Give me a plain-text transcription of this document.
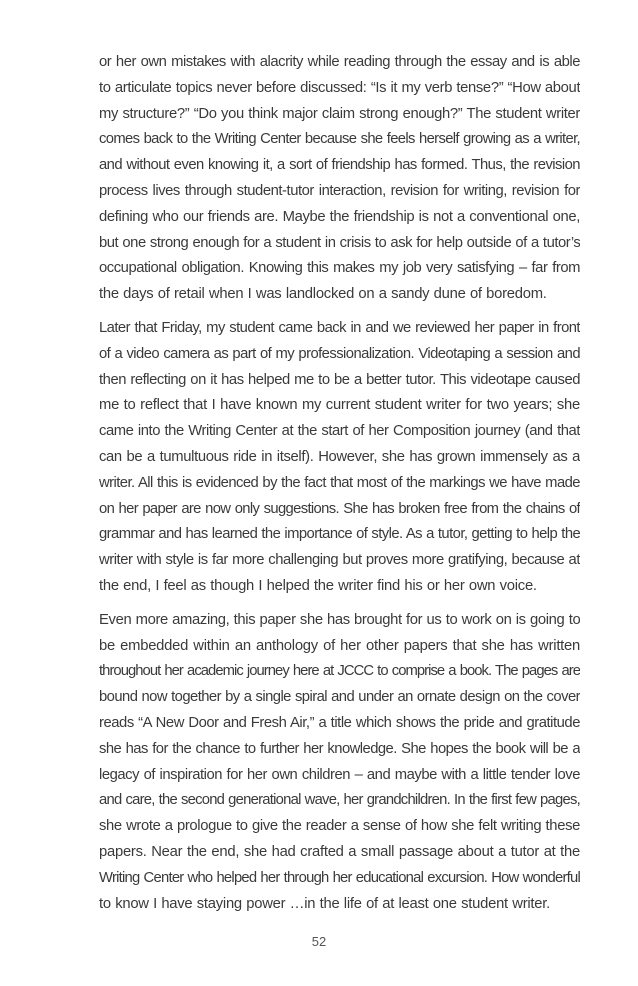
or her own mistakes with alacrity while reading through the essay and is able
to articulate topics never before discussed: “Is it my verb tense?” “How about
my structure?” “Do you think major claim strong enough?” The student writer
comes back to the Writing Center because she feels herself growing as a writer,
and without even knowing it, a sort of friendship has formed. Thus, the revision
process lives through student-tutor interaction, revision for writing, revision for
defining who our friends are. Maybe the friendship is not a conventional one,
but one strong enough for a student in crisis to ask for help outside of a tutor’s
occupational obligation. Knowing this makes my job very satisfying – far from
the days of retail when I was landlocked on a sandy dune of boredom.
Later that Friday, my student came back in and we reviewed her paper in front
of a video camera as part of my professionalization. Videotaping a session and
then reflecting on it has helped me to be a better tutor. This videotape caused
me to reflect that I have known my current student writer for two years; she
came into the Writing Center at the start of her Composition journey (and that
can be a tumultuous ride in itself). However, she has grown immensely as a
writer. All this is evidenced by the fact that most of the markings we have made
on her paper are now only suggestions. She has broken free from the chains of
grammar and has learned the importance of style. As a tutor, getting to help the
writer with style is far more challenging but proves more gratifying, because at
the end, I feel as though I helped the writer find his or her own voice.
Even more amazing, this paper she has brought for us to work on is going to
be embedded within an anthology of her other papers that she has written
throughout her academic journey here at JCCC to comprise a book. The pages are
bound now together by a single spiral and under an ornate design on the cover
reads “A New Door and Fresh Air,” a title which shows the pride and gratitude
she has for the chance to further her knowledge. She hopes the book will be a
legacy of inspiration for her own children – and maybe with a little tender love
and care, the second generational wave, her grandchildren. In the first few pages,
she wrote a prologue to give the reader a sense of how she felt writing these
papers. Near the end, she had crafted a small passage about a tutor at the
Writing Center who helped her through her educational excursion. How wonderful
to know I have staying power …in the life of at least one student writer.
52
